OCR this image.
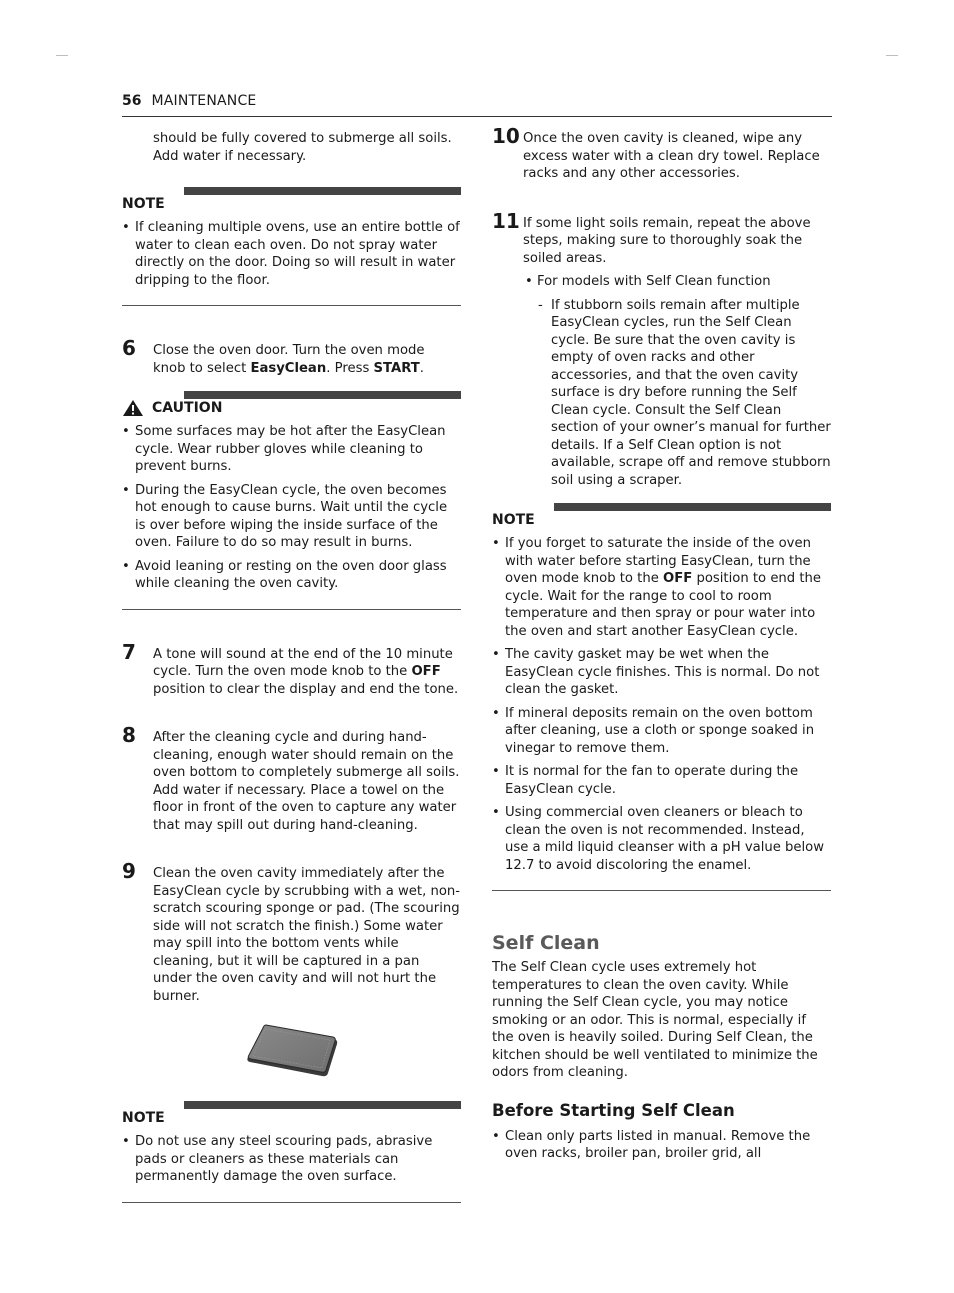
56 MAINTENANCE
should be fully covered to submerge all soils. Add water if necessary.
NOTE
• If cleaning multiple ovens, use an entire bottle of water to clean each oven. Do not spray water directly on the door. Doing so will result in water dripping to the floor.
6	Close the oven door. Turn the oven mode knob to select EasyClean. Press START.
CAUTION
• Some surfaces may be hot after the EasyClean cycle. Wear rubber gloves while cleaning to prevent burns.
• During the EasyClean cycle, the oven becomes hot enough to cause burns. Wait until the cycle is over before wiping the inside surface of the oven. Failure to do so may result in burns.
• Avoid leaning or resting on the oven door glass while cleaning the oven cavity.
7	A tone will sound at the end of the 10 minute cycle. Turn the oven mode knob to the OFF position to clear the display and end the tone.
8	After the cleaning cycle and during hand-cleaning, enough water should remain on the oven bottom to completely submerge all soils. Add water if necessary. Place a towel on the floor in front of the oven to capture any water that may spill out during hand-cleaning.
9	Clean the oven cavity immediately after the EasyClean cycle by scrubbing with a wet, non-scratch scouring sponge or pad. (The scouring side will not scratch the finish.) Some water may spill into the bottom vents while cleaning, but it will be captured in a pan under the oven cavity and will not hurt the burner.
NOTE
• Do not use any steel scouring pads, abrasive pads or cleaners as these materials can permanently damage the oven surface.
10 Once the oven cavity is cleaned, wipe any excess water with a clean dry towel. Replace racks and any other accessories.
11 If some light soils remain, repeat the above steps, making sure to thoroughly soak the soiled areas.
• For models with Self Clean function
- If stubborn soils remain after multiple EasyClean cycles, run the Self Clean cycle. Be sure that the oven cavity is empty of oven racks and other accessories, and that the oven cavity surface is dry before running the Self Clean cycle. Consult the Self Clean section of your owner’s manual for further details. If a Self Clean option is not available, scrape off and remove stubborn soil using a scraper.
NOTE
• If you forget to saturate the inside of the oven with water before starting EasyClean, turn the oven mode knob to the OFF position to end the cycle. Wait for the range to cool to room temperature and then spray or pour water into the oven and start another EasyClean cycle.
• The cavity gasket may be wet when the EasyClean cycle finishes. This is normal. Do not clean the gasket.
• If mineral deposits remain on the oven bottom after cleaning, use a cloth or sponge soaked in vinegar to remove them.
• It is normal for the fan to operate during the EasyClean cycle.
• Using commercial oven cleaners or bleach to clean the oven is not recommended. Instead, use a mild liquid cleanser with a pH value below 12.7 to avoid discoloring the enamel.
Self Clean
The Self Clean cycle uses extremely hot temperatures to clean the oven cavity. While running the Self Clean cycle, you may notice smoking or an odor. This is normal, especially if the oven is heavily soiled. During Self Clean, the kitchen should be well ventilated to minimize the odors from cleaning.
Before Starting Self Clean
• Clean only parts listed in manual. Remove the oven racks, broiler pan, broiler grid, all
